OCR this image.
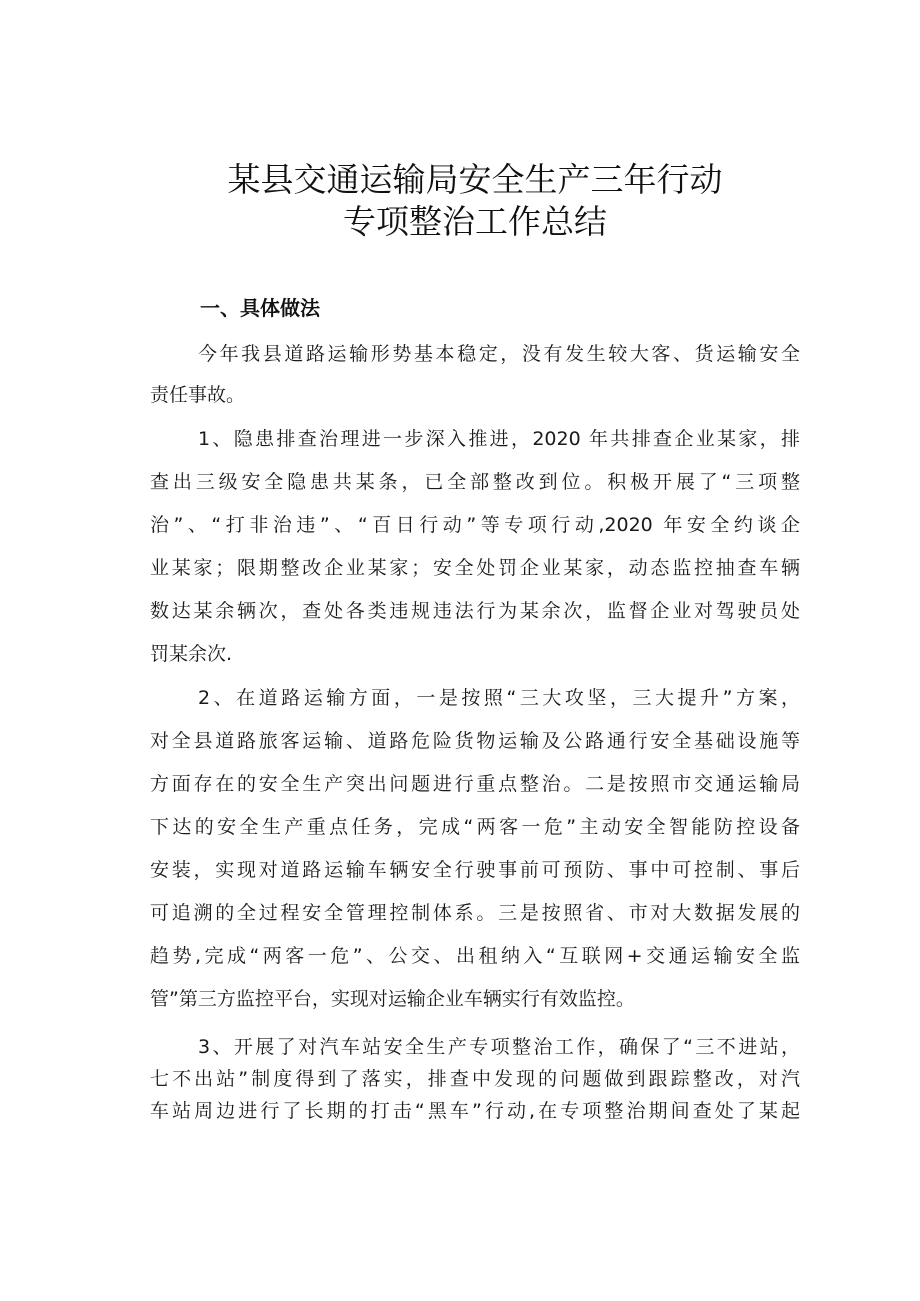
某县交通运输局安全生产三年行动
专项整治工作总结
一、具体做法
今年我县道路运输形势基本稳定，没有发生较大客、货运输安全
责任事故。
1、隐患排查治理进一步深入推进，2020 年共排查企业某家，排
查出三级安全隐患共某条，已全部整改到位。积极开展了“三项整
治”、“打非治违”、“百日行动”等专项行动,2020 年安全约谈企
业某家；限期整改企业某家；安全处罚企业某家，动态监控抽查车辆
数达某余辆次，查处各类违规违法行为某余次，监督企业对驾驶员处
罚某余次.
2、在道路运输方面，一是按照“三大攻坚，三大提升”方案，
对全县道路旅客运输、道路危险货物运输及公路通行安全基础设施等
方面存在的安全生产突出问题进行重点整治。二是按照市交通运输局
下达的安全生产重点任务，完成“两客一危”主动安全智能防控设备
安装，实现对道路运输车辆安全行驶事前可预防、事中可控制、事后
可追溯的全过程安全管理控制体系。三是按照省、市对大数据发展的
趋势,完成“两客一危”、公交、出租纳入“互联网+交通运输安全监
管”第三方监控平台，实现对运输企业车辆实行有效监控。
3、开展了对汽车站安全生产专项整治工作，确保了“三不进站，
七不出站”制度得到了落实，排查中发现的问题做到跟踪整改，对汽
车站周边进行了长期的打击“黑车”行动,在专项整治期间查处了某起
